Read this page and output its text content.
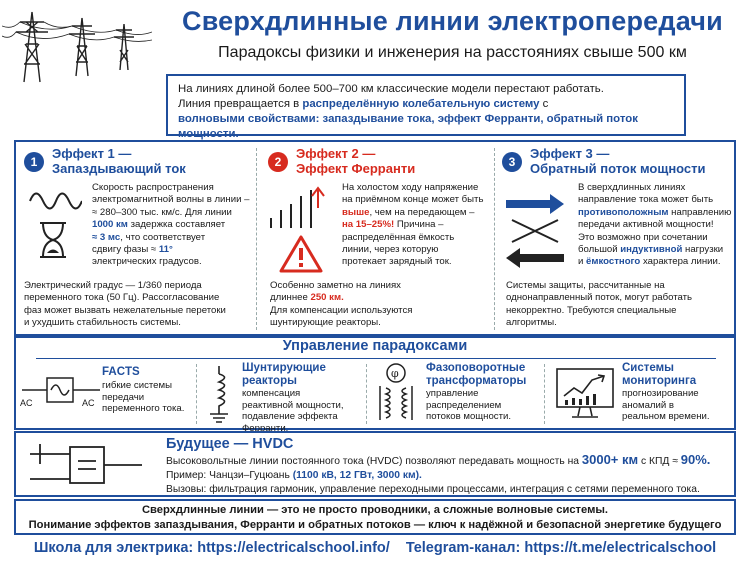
Сверхдлинные линии электропередачи
Парадоксы физики и инженерия на расстояниях свыше 500 км
На линиях длиной более 500–700 км классические модели перестают работать.
Линия превращается в распределённую колебательную систему с
волновыми свойствами: запаздывание тока, эффект Ферранти, обратный поток мощности.
1
Эффект 1 —
Запаздывающий ток
Скорость распространения
электромагнитной волны в линии –
≈ 280–300 тыс. км/с. Для линии
1000 км задержка составляет
≈ 3 мс, что соответствует
сдвигу фазы ≈ 11°
электрических градусов.
Электрический градус — 1/360 периода
переменного тока (50 Гц). Рассогласование
фаз может вызвать нежелательные перетоки
и ухудшить стабильность системы.
2
Эффект 2 —
Эффект Ферранти
На холостом ходу напряжение
на приёмном конце может быть
выше, чем на передающем –
на 15–25%! Причина –
распределённая ёмкость
линии, через которую
протекает зарядный ток.
Особенно заметно на линиях
длиннее 250 км.
Для компенсации используются
шунтирующие реакторы.
3
Эффект 3 —
Обратный поток мощности
В сверхдлинных линиях
направление тока может быть
противоположным направлению
передачи активной мощности!
Это возможно при сочетании
большой индуктивной нагрузки
и ёмкостного характера линии.
Системы защиты, рассчитанные на
однонаправленный поток, могут работать
некорректно. Требуются специальные
алгоритмы.
Управление парадоксами
AC	AC
FACTS
гибкие системы
передачи
переменного тока.
Шунтирующие
реакторы
компенсация
реактивной мощности,
подавление эффекта
Ферранти.
φ Фазоповоротные
трансформаторы
управление
распределением
потоков мощности.
Системы
мониторинга
прогнозирование
аномалий в
реальном времени.
Будущее — HVDC
Высоковольтные линии постоянного тока (HVDC) позволяют передавать мощность на 3000+ км с КПД ≈ 90%.
Пример: Чанцзи–Гуцюань (1100 кВ, 12 ГВт, 3000 км).
Вызовы: фильтрация гармоник, управление переходными процессами, интеграция с сетями переменного тока.
Сверхдлинные линии — это не просто проводники, а сложные волновые системы.
Понимание эффектов запаздывания, Ферранти и обратных потоков — ключ к надёжной и безопасной энергетике будущего
Школа для электрика: https://electricalschool.info/    Telegram-канал: https://t.me/electricalschool
